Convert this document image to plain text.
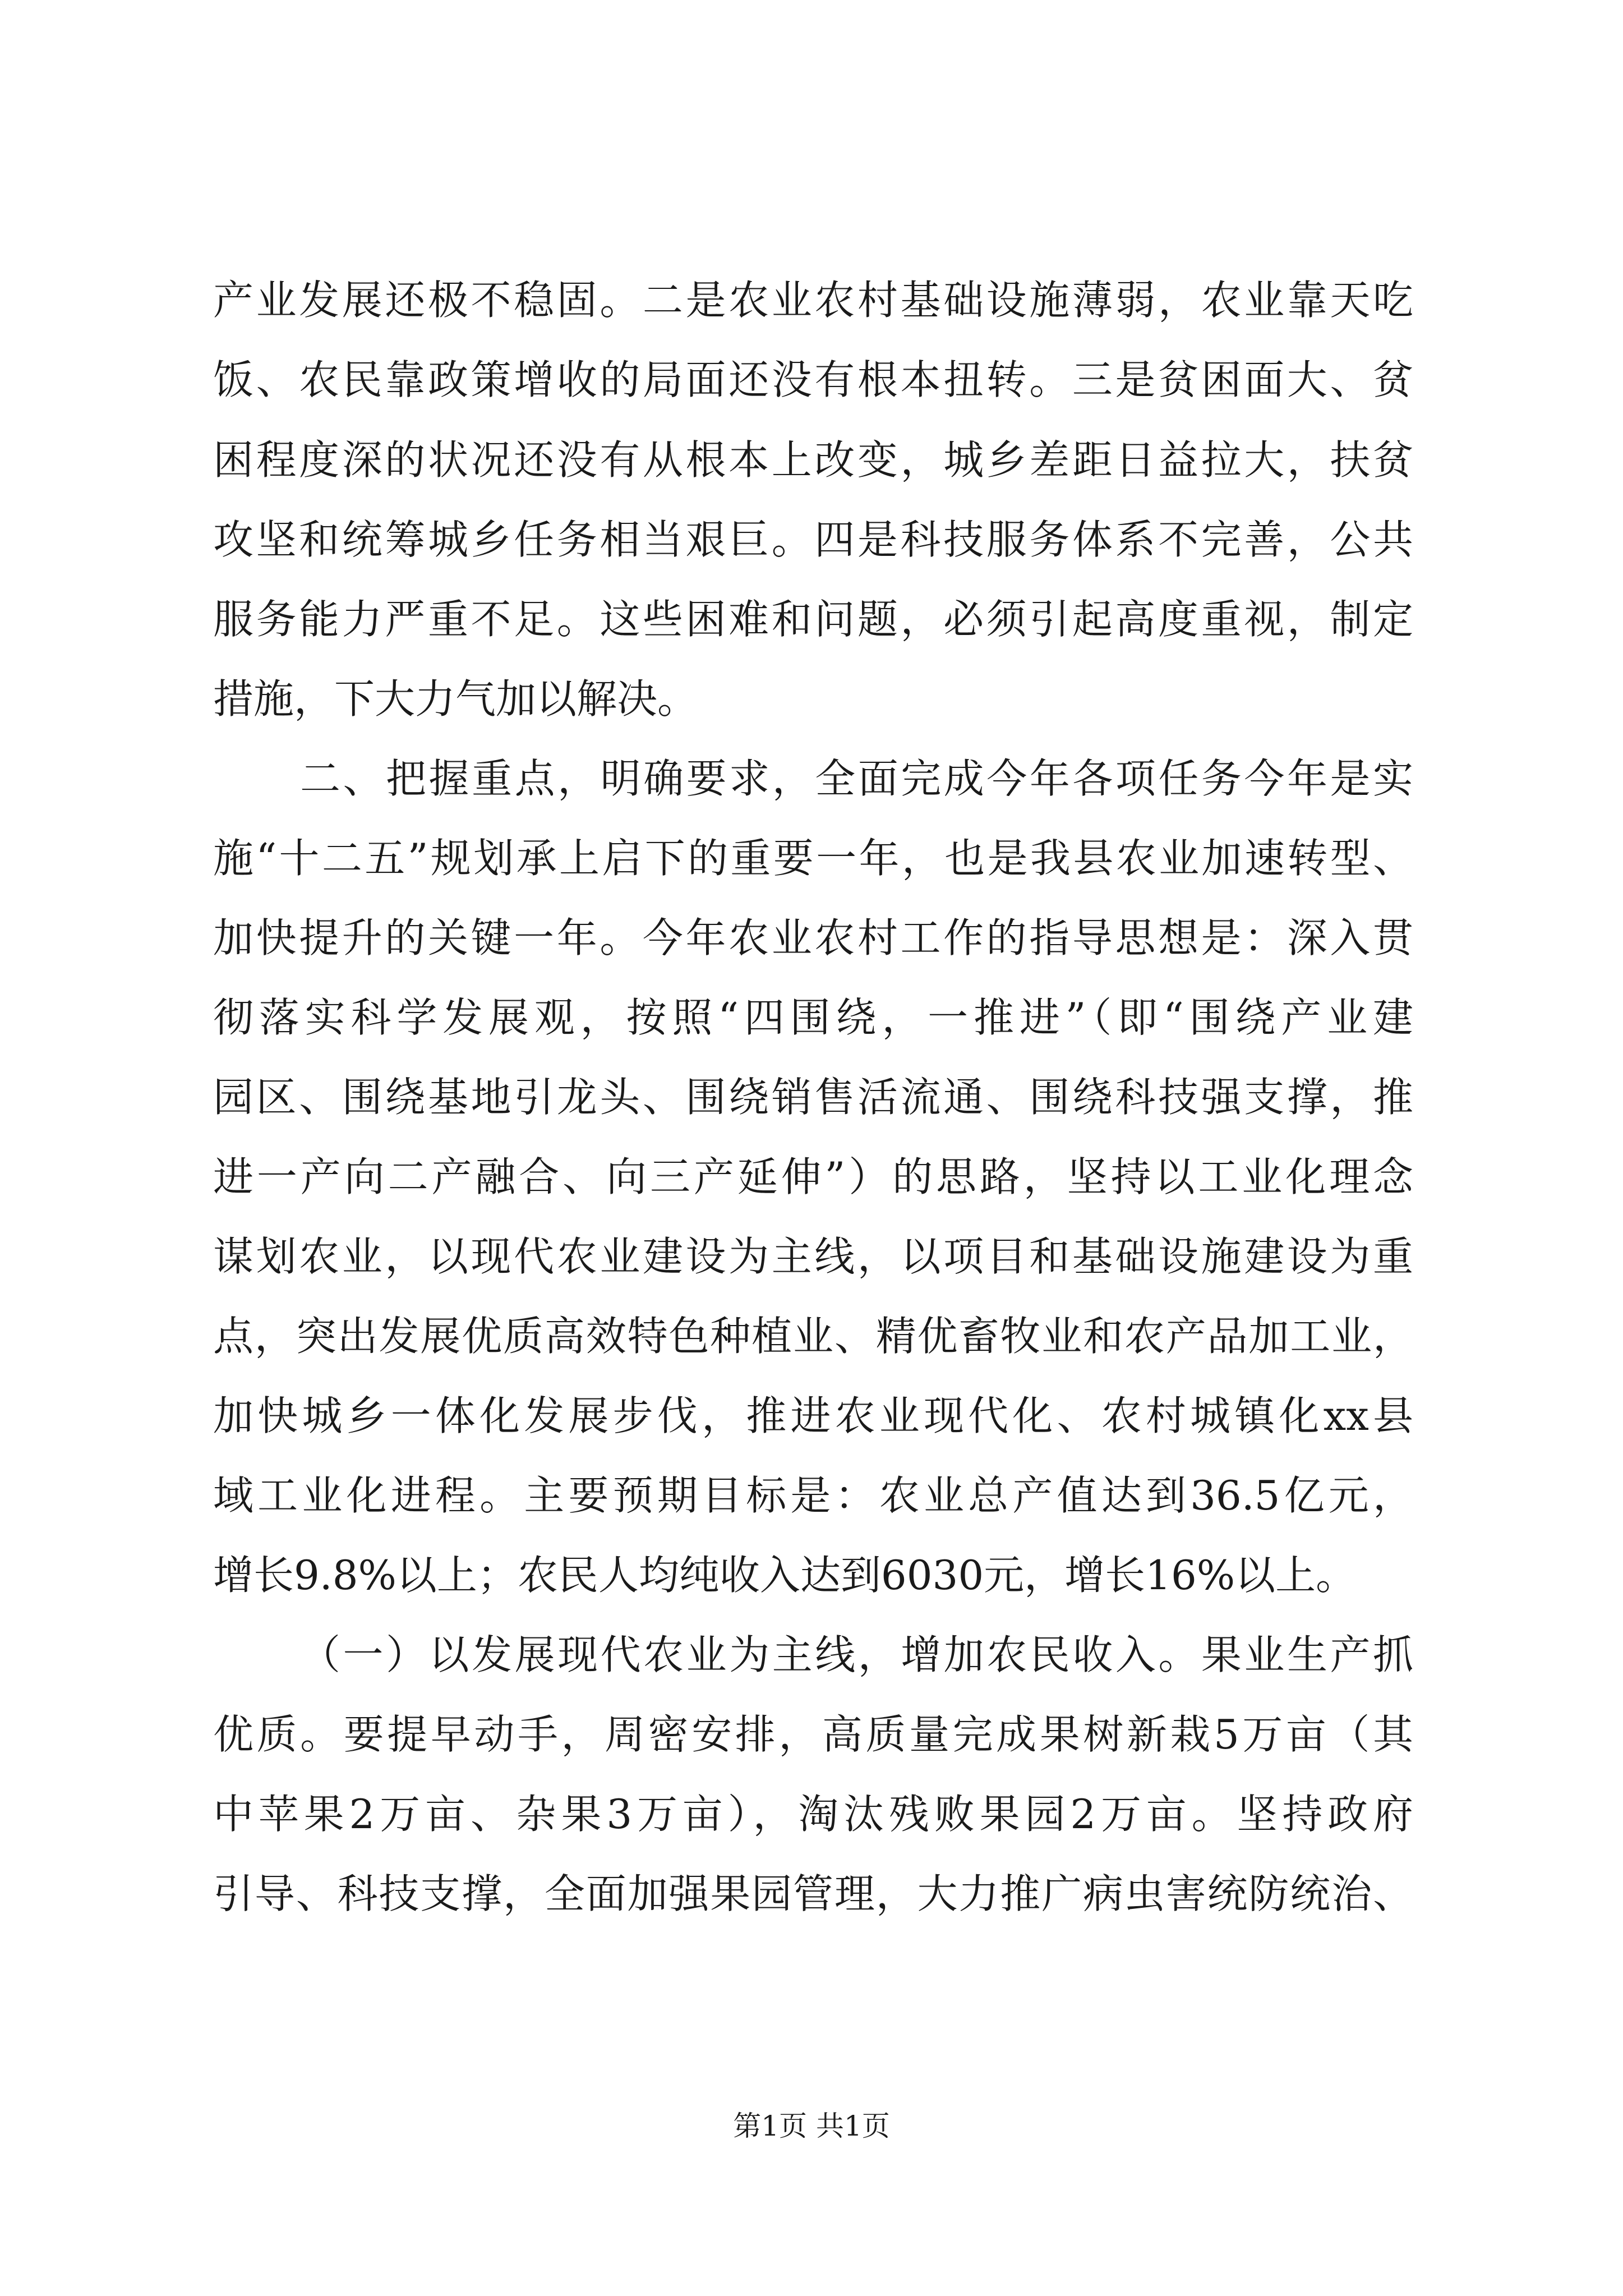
产业发展还极不稳固。二是农业农村基础设施薄弱，农业靠天吃
饭、农民靠政策增收的局面还没有根本扭转。三是贫困面大、贫
困程度深的状况还没有从根本上改变，城乡差距日益拉大，扶贫
攻坚和统筹城乡任务相当艰巨。四是科技服务体系不完善，公共
服务能力严重不足。这些困难和问题，必须引起高度重视，制定
措施，下大力气加以解决。
二、把握重点，明确要求，全面完成今年各项任务今年是实
施“十二五”规划承上启下的重要一年，也是我县农业加速转型、
加快提升的关键一年。今年农业农村工作的指导思想是：深入贯
彻落实科学发展观，按照“四围绕，一推进”（即“围绕产业建
园区、围绕基地引龙头、围绕销售活流通、围绕科技强支撑，推
进一产向二产融合、向三产延伸”）的思路，坚持以工业化理念
谋划农业，以现代农业建设为主线，以项目和基础设施建设为重
点，突出发展优质高效特色种植业、精优畜牧业和农产品加工业，
加快城乡一体化发展步伐，推进农业现代化、农村城镇化xx县
域工业化进程。主要预期目标是：农业总产值达到36.5亿元，
增长9.8%以上；农民人均纯收入达到6030元，增长16%以上。
（一）以发展现代农业为主线，增加农民收入。果业生产抓
优质。要提早动手，周密安排，高质量完成果树新栽5万亩（其
中苹果2万亩、杂果3万亩），淘汰残败果园2万亩。坚持政府
引导、科技支撑，全面加强果园管理，大力推广病虫害统防统治、
第1页 共1页
